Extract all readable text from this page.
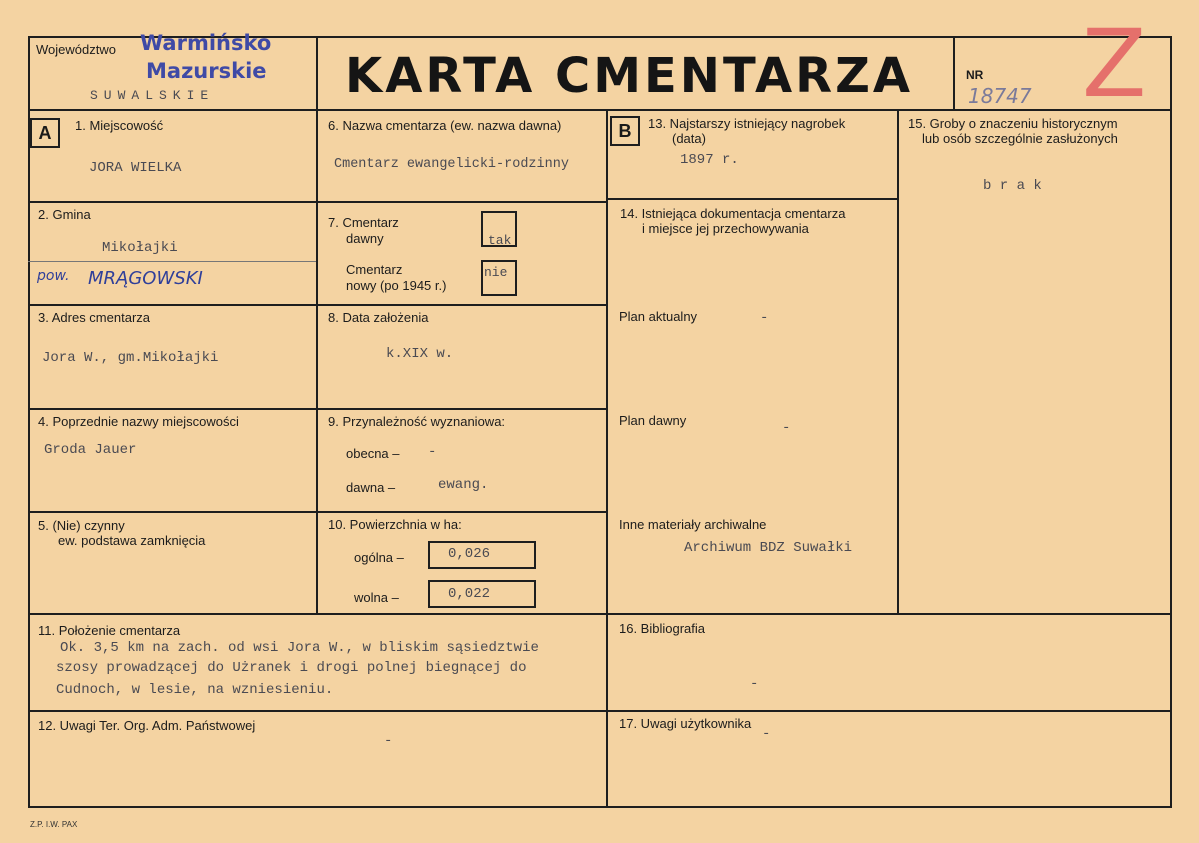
Województwo Warmińsko
Mazurskie
SUWALSKIE	KARTA CMENTARZA	NR
18747 Z
A	B
1. Miejscowość
JORA WIELKA
2. Gmina
Mikołajki
pow. MRĄGOWSKI
3. Adres cmentarza
Jora W., gm.Mikołajki
4. Poprzednie nazwy miejscowości
Groda Jauer
5. (Nie) czynny
ew. podstawa zamknięcia
6. Nazwa cmentarza (ew. nazwa dawna)
Cmentarz ewangelicki-rodzinny
7. Cmentarz
dawny	tak
Cmentarz
nowy (po 1945 r.)
nie
8. Data założenia
k.XIX w.
9. Przynależność wyznaniowa:
obecna – -
dawna –	ewang.
10. Powierzchnia w ha:
ogólna –	0,026
wolna –	0,022
13. Najstarszy istniejący nagrobek
(data)
1897 r.
14. Istniejąca dokumentacja cmentarza
i miejsce jej przechowywania
Plan aktualny	-
Plan dawny	-
Inne materiały archiwalne
Archiwum BDZ Suwałki
15. Groby o znaczeniu historycznym
lub osób szczególnie zasłużonych
b r a k
11. Położenie cmentarza
Ok. 3,5 km na zach. od wsi Jora W., w bliskim sąsiedztwie
szosy prowadzącej do Użranek i drogi polnej biegnącej do
Cudnoch, w lesie, na wzniesieniu.
16. Bibliografia
-
12. Uwagi Ter. Org. Adm. Państwowej
-
17. Uwagi użytkownika
-
Z.P. I.W. PAX
